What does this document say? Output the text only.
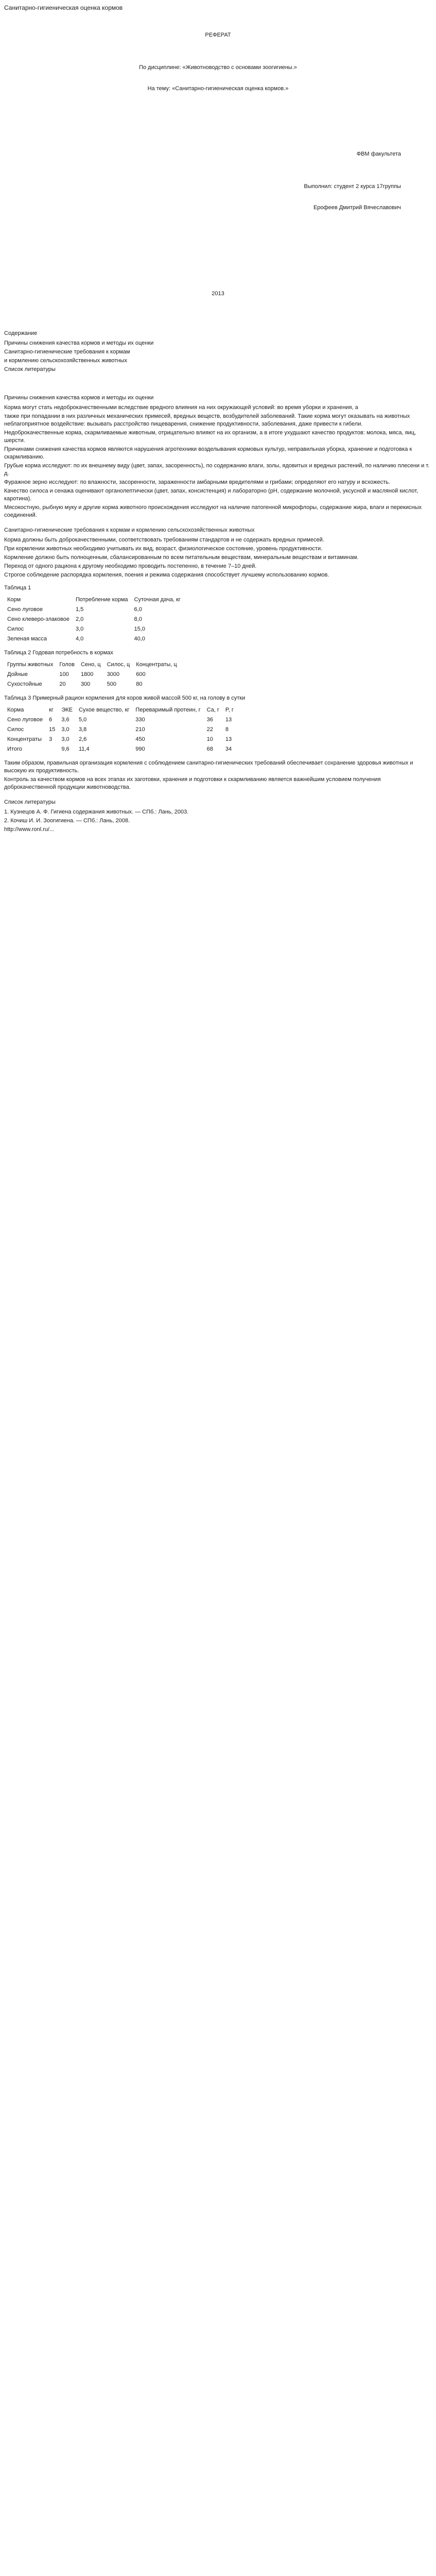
Санитарно-гигиеническая оценка кормов

РЕФЕРАТ

По дисциплине: «Животноводство с основами зоогигиены.»

На тему: «Санитарно-гигиеническая оценка кормов.»

ФВМ факультета

Выполнил: студент 2 курса 17группы

Ерофеев Дмитрий Вячеславович

2013

Содержание

Причины снижения качества кормов и методы их оценки

Санитарно-гигиенические требования к кормам

и кормлению сельскохозяйственных животных

Список литературы

Причины снижения качества кормов и методы их оценки

Корма могут стать недоброкачественными вследствие вредного влияния на них окружающей условий: во время уборки и хранения, а

также при попадании в них различных механических примесей, вредных веществ, возбудителей заболеваний. Такие корма могут оказывать на животных неблагоприятное воздействие: вызывать расстройство пищеварения, снижение продуктивности, заболевания, даже привести к гибели.

Недоброкачественные корма, скармливаемые животным, отрицательно влияют на их организм, а в итоге ухудшают качество продуктов: молока, мяса, яиц, шерсти.

Причинами снижения качества кормов являются нарушения агротехники возделывания кормовых культур, неправильная уборка, хранение и подготовка к скармливанию.

Грубые корма исследуют: по их внешнему виду (цвет, запах, засоренность), по содержанию влаги, золы, ядовитых и вредных растений, по наличию плесени и т. д.

Фуражное зерно исследуют: по влажности, засоренности, зараженности амбарными вредителями и грибами; определяют его натуру и всхожесть.

Качество силоса и сенажа оценивают органолептически (цвет, запах, консистенция) и лабораторно (рН, содержание молочной, уксусной и масляной кислот, каротина).

Мясокостную, рыбную муку и другие корма животного происхождения исследуют на наличие патогенной микрофлоры, содержание жира, влаги и перекисных соединений.

Санитарно-гигиенические требования к кормам и кормлению сельскохозяйственных животных

Корма должны быть доброкачественными, соответствовать требованиям стандартов и не содержать вредных примесей.

При кормлении животных необходимо учитывать их вид, возраст, физиологическое состояние, уровень продуктивности.

Кормление должно быть полноценным, сбалансированным по всем питательным веществам, минеральным веществам и витаминам.

Переход от одного рациона к другому необходимо проводить постепенно, в течение 7–10 дней.

Строгое соблюдение распорядка кормления, поения и режима содержания способствует лучшему использованию кормов.

Таблица 1

Корм	Потребление корма	Суточная дача, кг
Сено луговое	1,5	6,0
Сено клеверо-злаковое	2,0	8,0
Силос	3,0	15,0
Зеленая масса	4,0	40,0

Таблица 2 Годовая потребность в кормах

Группы животных	Голов	Сено, ц	Силос, ц	Концентраты, ц
Дойные	100	1800	3000	600
Сухостойные	20	300	500	80

Таблица 3 Примерный рацион кормления для коров живой массой 500 кг, на голову в сутки

Корма	кг	ЭКЕ	Сухое вещество, кг	Переваримый протеин, г	Ca, г	P, г
Сено луговое	6	3,6	5,0	330	36	13
Силос	15	3,0	3,8	210	22	8
Концентраты	3	3,0	2,6	450	10	13
Итого		9,6	11,4	990	68	34

Таким образом, правильная организация кормления с соблюдением санитарно-гигиенических требований обеспечивает сохранение здоровья животных и высокую их продуктивность.

Контроль за качеством кормов на всех этапах их заготовки, хранения и подготовки к скармливанию является важнейшим условием получения доброкачественной продукции животноводства.

Список литературы

1. Кузнецов А. Ф. Гигиена содержания животных. — СПб.: Лань, 2003.

2. Кочиш И. И. Зоогигиена. — СПб.: Лань, 2008.

http://www.ronl.ru/...
